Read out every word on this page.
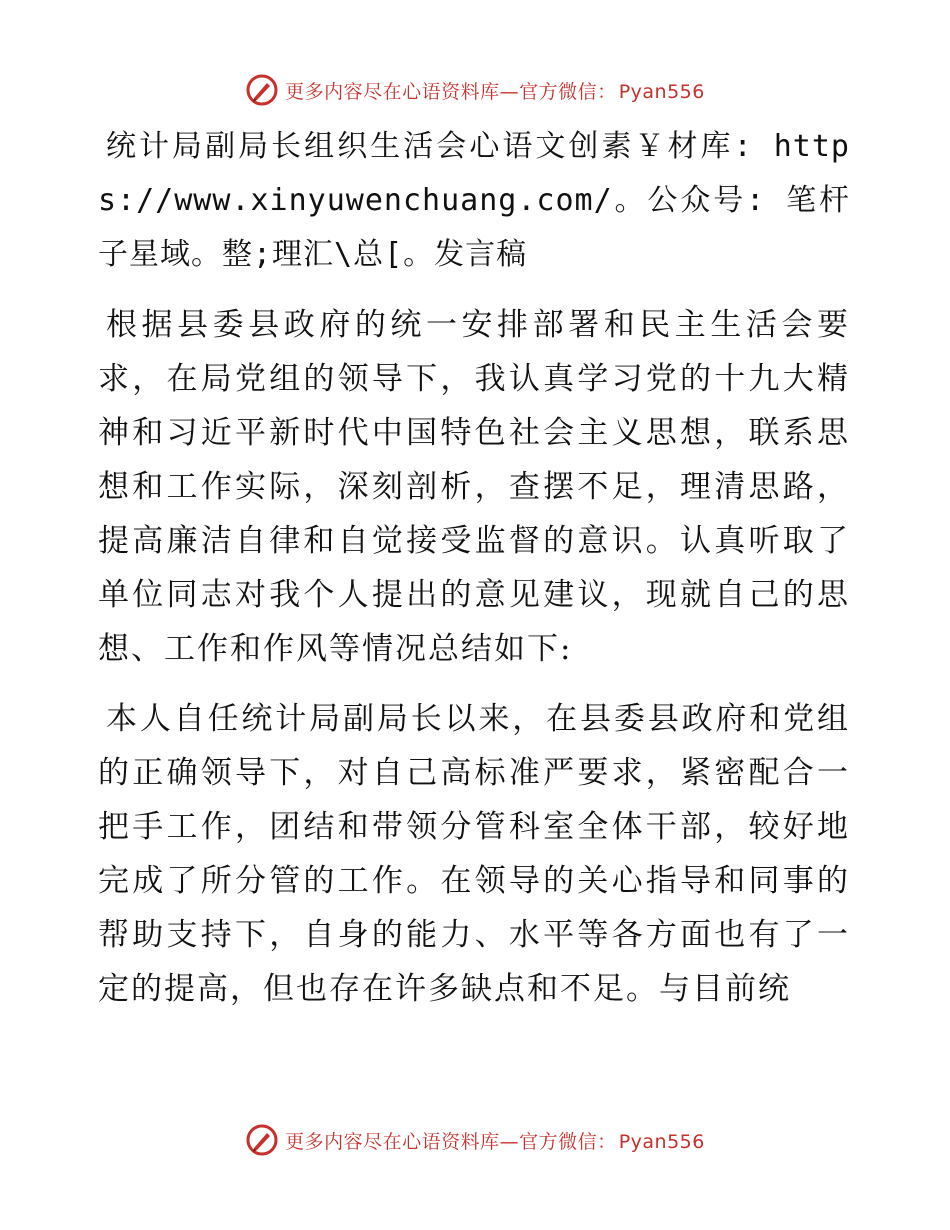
更多内容尽在心语资料库—官方微信： Pyan556

统计局副局长组织生活会心语文创素￥材库: https://www.xinyuwenchuang.com/。公众号: 笔杆子星域。整;理汇\总[。发言稿

根据县委县政府的统一安排部署和民主生活会要求，在局党组的领导下，我认真学习党的十九大精神和习近平新时代中国特色社会主义思想，联系思想和工作实际，深刻剖析，查摆不足，理清思路，提高廉洁自律和自觉接受监督的意识。认真听取了单位同志对我个人提出的意见建议，现就自己的思想、工作和作风等情况总结如下:

本人自任统计局副局长以来，在县委县政府和党组的正确领导下，对自己高标准严要求，紧密配合一把手工作，团结和带领分管科室全体干部，较好地完成了所分管的工作。在领导的关心指导和同事的帮助支持下，自身的能力、水平等各方面也有了一定的提高，但也存在许多缺点和不足。与目前统

更多内容尽在心语资料库—官方微信： Pyan556
